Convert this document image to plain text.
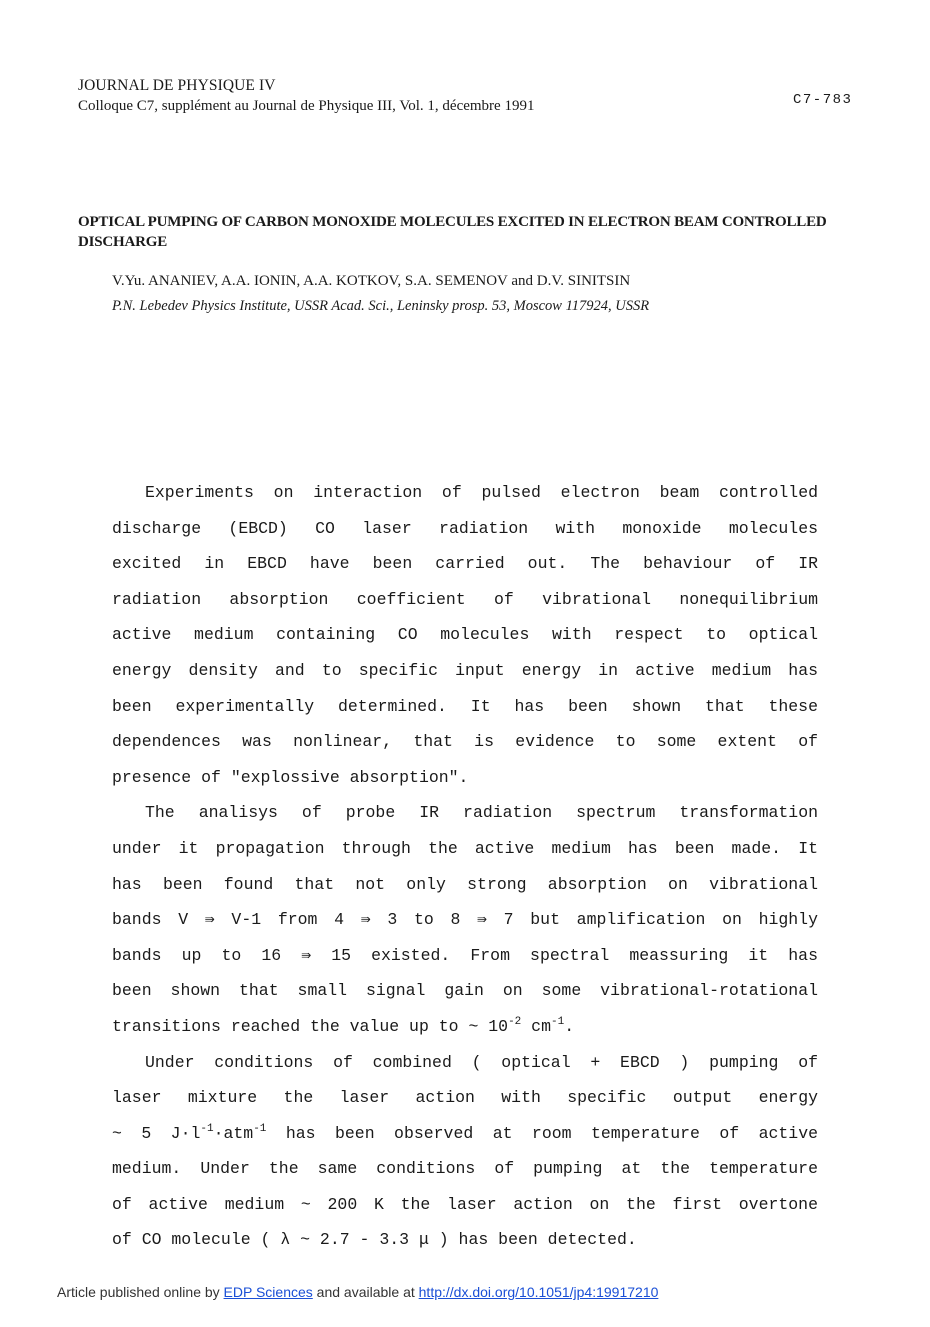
JOURNAL DE PHYSIQUE IV
Colloque C7, supplément au Journal de Physique III, Vol. 1, décembre 1991	C7-783
OPTICAL PUMPING OF CARBON MONOXIDE MOLECULES EXCITED IN ELECTRON BEAM CONTROLLED DISCHARGE
V.Yu. ANANIEV, A.A. IONIN, A.A. KOTKOV, S.A. SEMENOV and D.V. SINITSIN
P.N. Lebedev Physics Institute, USSR Acad. Sci., Leninsky prosp. 53, Moscow 117924, USSR
Experiments on interaction of pulsed electron beam controlled
discharge (EBCD) CO laser radiation with monoxide molecules
excited in EBCD have been carried out. The behaviour of IR
radiation absorption coefficient of vibrational nonequilibrium
active medium containing CO molecules with respect to optical
energy density and to specific input energy in active medium has
been experimentally determined. It has been shown that these
dependences was nonlinear, that is evidence to some extent of
presence of "explossive absorption".
The analisys of probe IR radiation spectrum transformation
under it propagation through the active medium has been made. It
has been found that not only strong absorption on vibrational
bands V ⇛ V-1 from 4 ⇛ 3 to 8 ⇛ 7 but amplification on highly
bands up to 16 ⇛ 15 existed. From spectral meassuring it has
been shown that small signal gain on some vibrational-rotational
transitions reached the value up to ~ $10^{-2}$ $cm^{-1}$.
Under conditions of combined ( optical + EBCD ) pumping of
laser mixture the laser action with specific output energy
~ 5 $J\cdot l^{-1}\cdot atm^{-1}$ has been observed at room temperature of active
medium. Under the same conditions of pumping at the temperature
of active medium ~ 200 K the laser action on the first overtone
of CO molecule ( λ ~ 2.7 - 3.3 μ ) has been detected.
Article published online by EDP Sciences and available at http://dx.doi.org/10.1051/jp4:19917210
